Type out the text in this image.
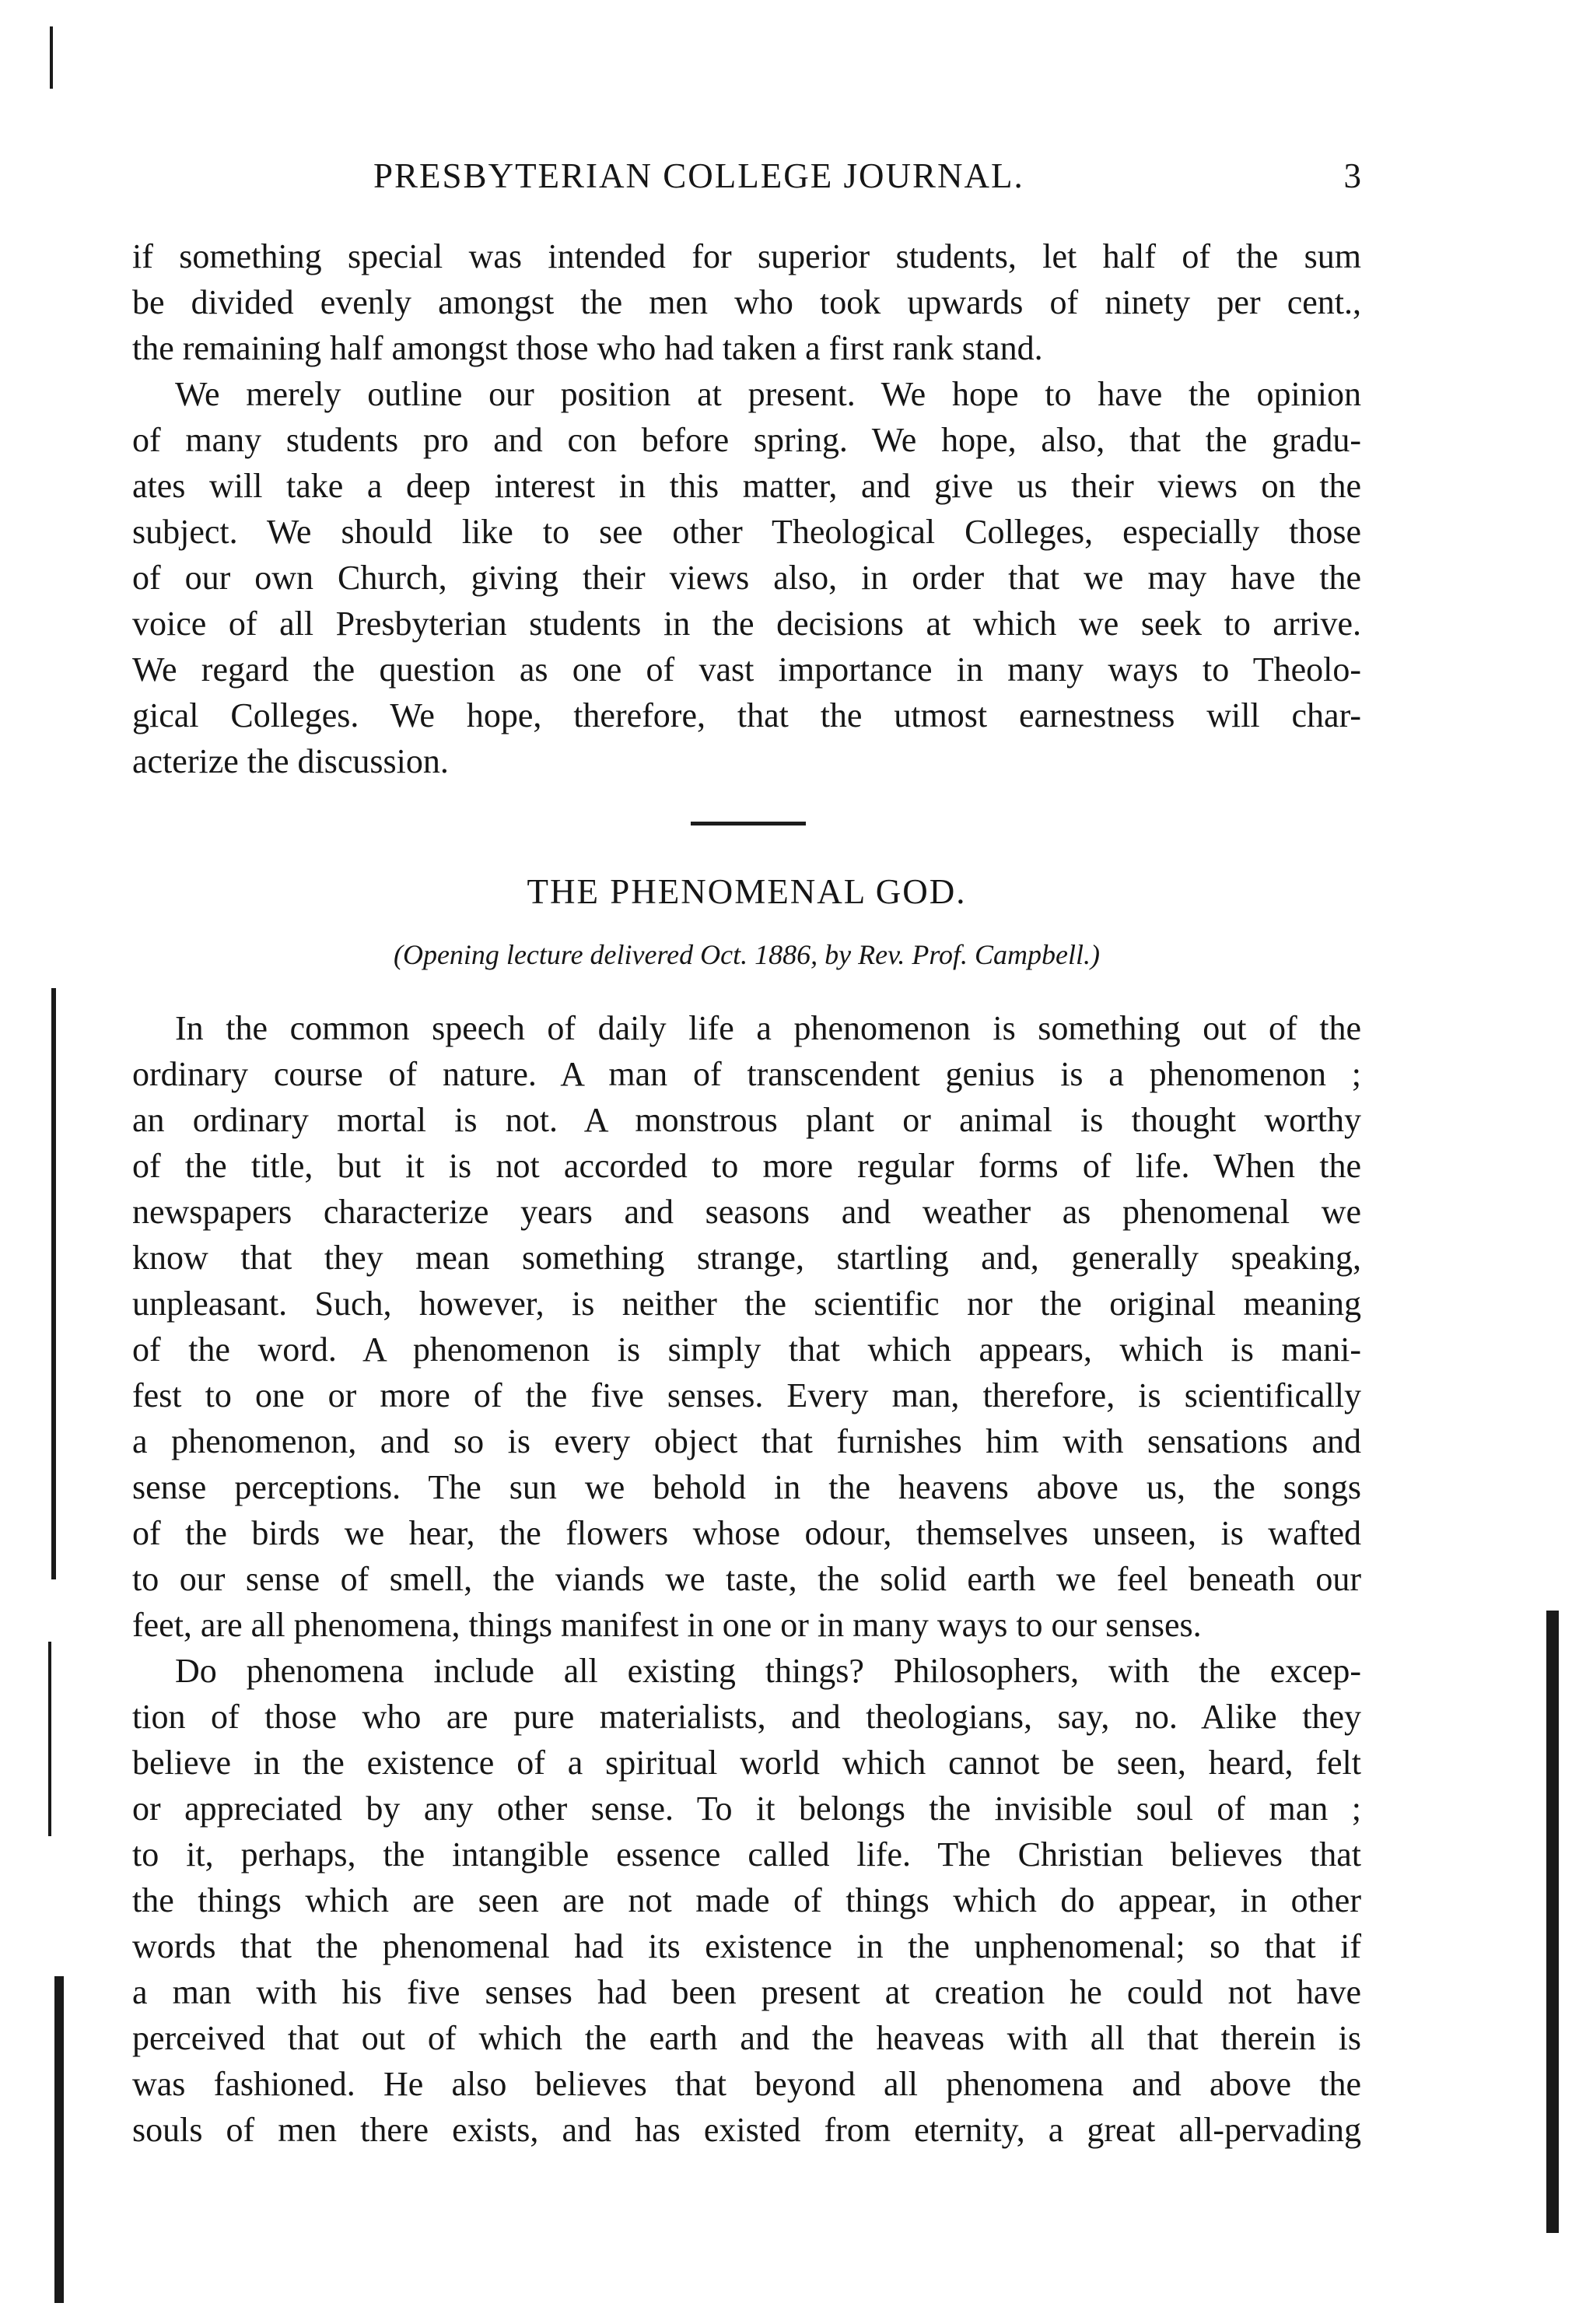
PRESBYTERIAN COLLEGE JOURNAL.	3
if something special was intended for superior students, let half of the sum
be divided evenly amongst the men who took upwards of ninety per cent.,
the remaining half amongst those who had taken a first rank stand.
We merely outline our position at present. We hope to have the opinion
of many students pro and con before spring. We hope, also, that the gradu-
ates will take a deep interest in this matter, and give us their views on the
subject. We should like to see other Theological Colleges, especially those
of our own Church, giving their views also, in order that we may have the
voice of all Presbyterian students in the decisions at which we seek to arrive.
We regard the question as one of vast importance in many ways to Theolo-
gical Colleges. We hope, therefore, that the utmost earnestness will char-
acterize the discussion.
THE PHENOMENAL GOD.
(Opening lecture delivered Oct. 1886, by Rev. Prof. Campbell.)
In the common speech of daily life a phenomenon is something out of the
ordinary course of nature. A man of transcendent genius is a phenomenon ;
an ordinary mortal is not. A monstrous plant or animal is thought worthy
of the title, but it is not accorded to more regular forms of life. When the
newspapers characterize years and seasons and weather as phenomenal we
know that they mean something strange, startling and, generally speaking,
unpleasant. Such, however, is neither the scientific nor the original meaning
of the word. A phenomenon is simply that which appears, which is mani-
fest to one or more of the five senses. Every man, therefore, is scientifically
a phenomenon, and so is every object that furnishes him with sensations and
sense perceptions. The sun we behold in the heavens above us, the songs
of the birds we hear, the flowers whose odour, themselves unseen, is wafted
to our sense of smell, the viands we taste, the solid earth we feel beneath our
feet, are all phenomena, things manifest in one or in many ways to our senses.
Do phenomena include all existing things? Philosophers, with the excep-
tion of those who are pure materialists, and theologians, say, no. Alike they
believe in the existence of a spiritual world which cannot be seen, heard, felt
or appreciated by any other sense. To it belongs the invisible soul of man ;
to it, perhaps, the intangible essence called life. The Christian believes that
the things which are seen are not made of things which do appear, in other
words that the phenomenal had its existence in the unphenomenal; so that if
a man with his five senses had been present at creation he could not have
perceived that out of which the earth and the heaveas with all that therein is
was fashioned. He also believes that beyond all phenomena and above the
souls of men there exists, and has existed from eternity, a great all-pervading
